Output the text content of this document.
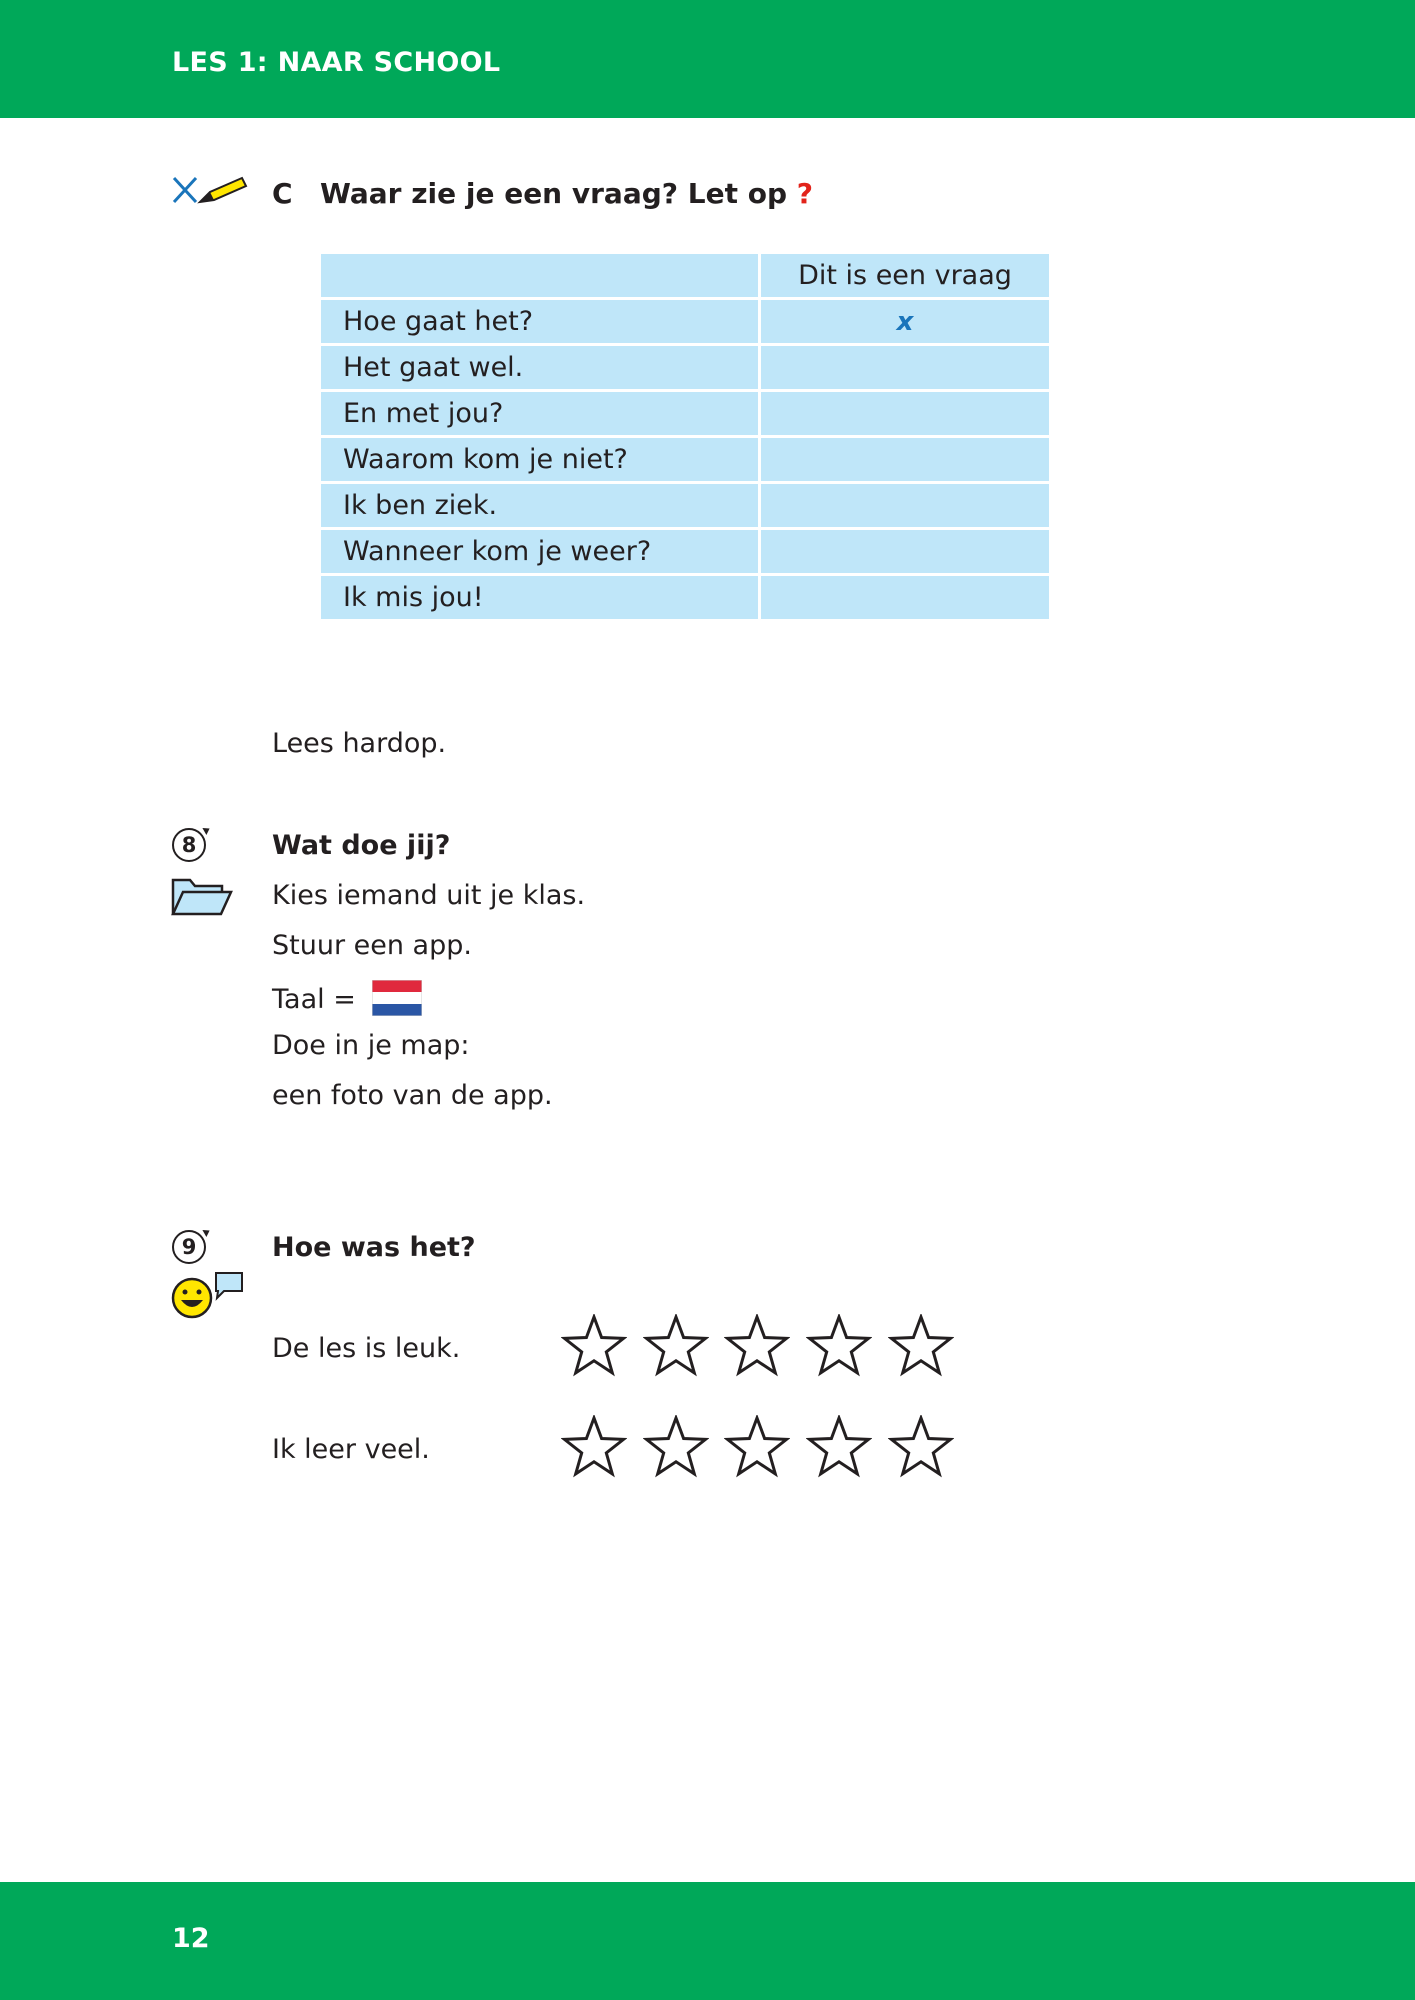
LES 1: NAAR SCHOOL
C Waar zie je een vraag? Let op ?
	Dit is een vraag
Hoe gaat het?	x
Het gaat wel.	
En met jou?	
Waarom kom je niet?	
Ik ben ziek.	
Wanneer kom je weer?	
Ik mis jou!	
Lees hardop.
8	Wat doe jij?
Kies iemand uit je klas.
Stuur een app.
Taal =
Doe in je map:
een foto van de app.
9	Hoe was het?
De les is leuk.
Ik leer veel.
12
